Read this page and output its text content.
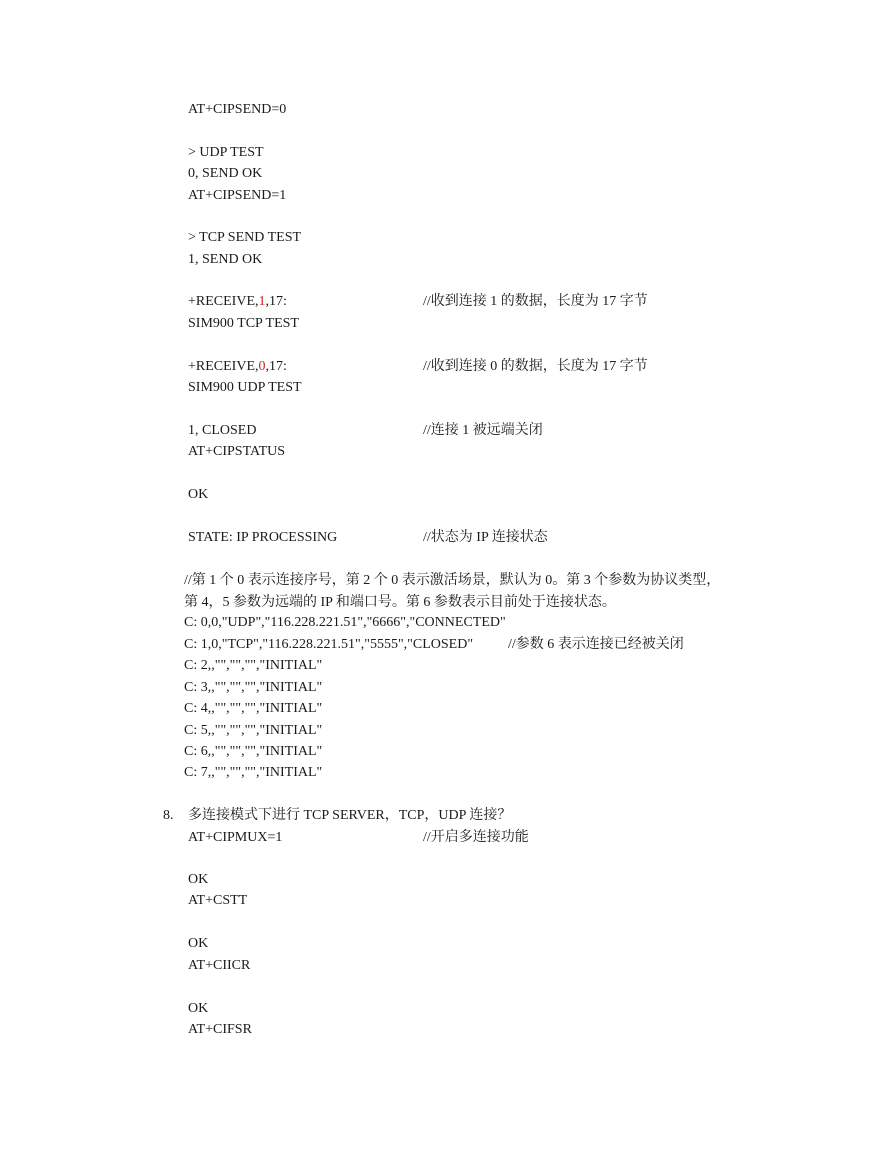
AT+CIPSEND=0
> UDP TEST
0, SEND OK
AT+CIPSEND=1
> TCP SEND TEST
1, SEND OK
+RECEIVE,1,17:	//收到连接 1 的数据，长度为 17 字节
SIM900 TCP TEST
+RECEIVE,0,17:	//收到连接 0 的数据，长度为 17 字节
SIM900 UDP TEST
1, CLOSED	//连接 1 被远端关闭
AT+CIPSTATUS
OK
STATE: IP PROCESSING	//状态为 IP 连接状态
//第 1 个 0 表示连接序号，第 2 个 0 表示激活场景，默认为 0。第 3 个参数为协议类型，
第 4，5 参数为远端的 IP 和端口号。第 6 参数表示目前处于连接状态。
C: 0,0,"UDP","116.228.221.51","6666","CONNECTED"
C: 1,0,"TCP","116.228.221.51","5555","CLOSED" //参数 6 表示连接已经被关闭
C: 2,,"","","","INITIAL"
C: 3,,"","","","INITIAL"
C: 4,,"","","","INITIAL"
C: 5,,"","","","INITIAL"
C: 6,,"","","","INITIAL"
C: 7,,"","","","INITIAL"
8. 多连接模式下进行 TCP SERVER，TCP，UDP 连接？
AT+CIPMUX=1	//开启多连接功能
OK
AT+CSTT
OK
AT+CIICR
OK
AT+CIFSR
